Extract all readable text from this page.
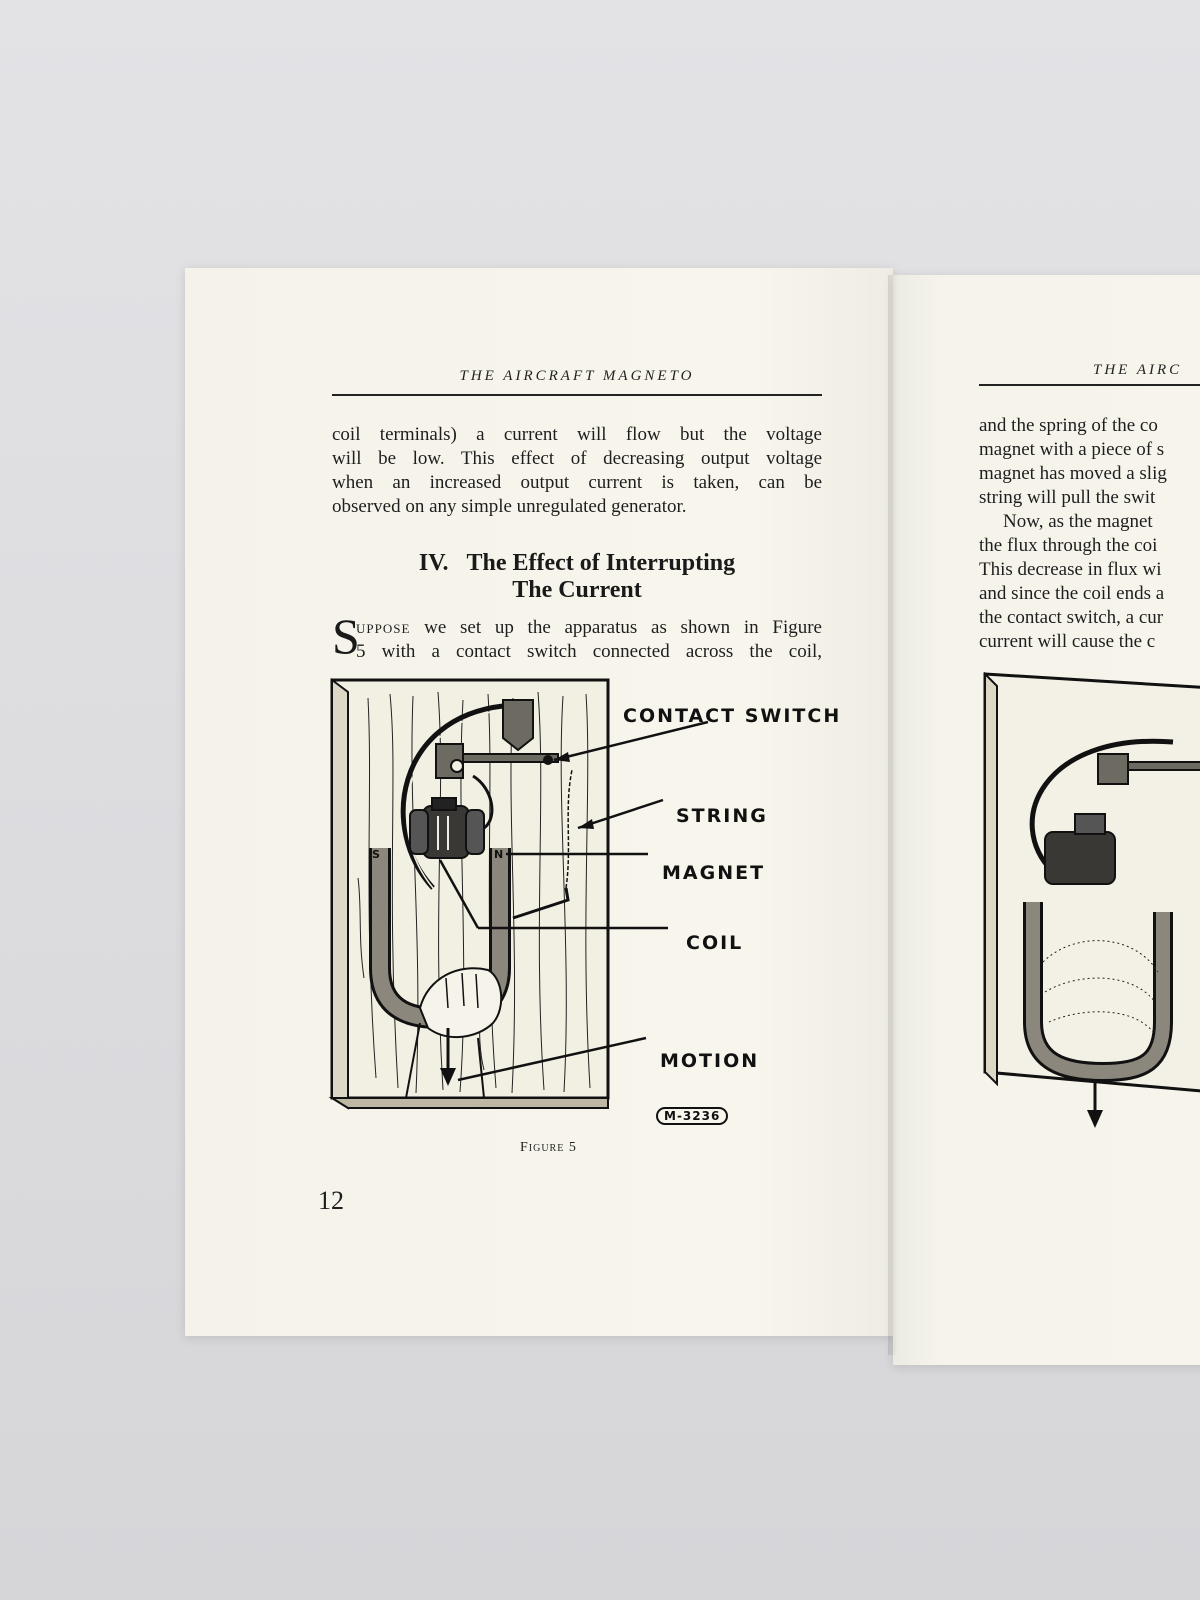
THE AIRCRAFT MAGNETO
coil terminals) a current will flow but the voltage
will be low. This effect of decreasing output voltage
when an increased output current is taken, can be
observed on any simple unregulated generator.
IV. The Effect of Interrupting
The Current
S
uppose we set up the apparatus as shown in Figure
5 with a contact switch connected across the coil,
S	N
CONTACT SWITCH
STRING
MAGNET
COIL
MOTION
M-3236
Figure 5
12
THE AIRC
and the spring of the co
magnet with a piece of s
magnet has moved a slig
string will pull the swit
Now, as the magnet
the flux through the coi
This decrease in flux wi
and since the coil ends a
the contact switch, a cur
current will cause the c
